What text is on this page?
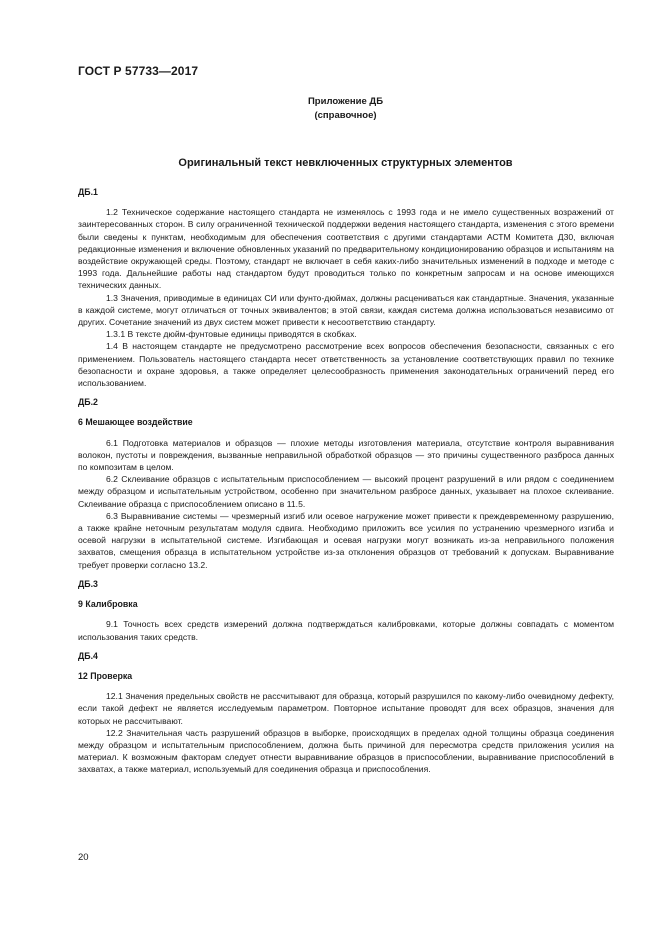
ГОСТ Р 57733—2017
Приложение ДБ
(справочное)
Оригинальный текст невключенных структурных элементов
ДБ.1

1.2 Техническое содержание настоящего стандарта не изменялось с 1993 года и не имело существенных возражений от заинтересованных сторон. В силу ограниченной технической поддержки ведения настоящего стандарта, изменения с этого времени были сведены к пунктам, необходимым для обеспечения соответствия с другими стандартами АСТМ Комитета Д30, включая редакционные изменения и включение обновленных указаний по предварительному кондиционированию образцов и испытаниям на воздействие окружающей среды. Поэтому, стандарт не включает в себя каких-либо значительных изменений в подходе и методе с 1993 года. Дальнейшие работы над стандартом будут проводиться только по конкретным запросам и на основе имеющихся технических данных.

1.3 Значения, приводимые в единицах СИ или фунто-дюймах, должны расцениваться как стандартные. Значения, указанные в каждой системе, могут отличаться от точных эквивалентов; в этой связи, каждая система должна использоваться независимо от других. Сочетание значений из двух систем может привести к несоответствию стандарту.

1.3.1 В тексте дюйм-фунтовые единицы приводятся в скобках.

1.4 В настоящем стандарте не предусмотрено рассмотрение всех вопросов обеспечения безопасности, связанных с его применением. Пользователь настоящего стандарта несет ответственность за установление соответствующих правил по технике безопасности и охране здоровья, а также определяет целесообразность применения законодательных ограничений перед его использованием.

ДБ.2
6 Мешающее воздействие

6.1 Подготовка материалов и образцов — плохие методы изготовления материала, отсутствие контроля выравнивания волокон, пустоты и повреждения, вызванные неправильной обработкой образцов — это причины существенного разброса данных по композитам в целом.

6.2 Склеивание образцов с испытательным приспособлением — высокий процент разрушений в или рядом с соединением между образцом и испытательным устройством, особенно при значительном разбросе данных, указывает на плохое склеивание. Склеивание образца с приспособлением описано в 11.5.

6.3 Выравнивание системы — чрезмерный изгиб или осевое нагружение может привести к преждевременному разрушению, а также крайне неточным результатам модуля сдвига. Необходимо приложить все усилия по устранению чрезмерного изгиба и осевой нагрузки в испытательной системе. Изгибающая и осевая нагрузки могут возникать из-за неправильного положения захватов, смещения образца в испытательном устройстве из-за отклонения образцов от требований к допускам. Выравнивание требует проверки согласно 13.2.

ДБ.3
9 Калибровка

9.1 Точность всех средств измерений должна подтверждаться калибровками, которые должны совпадать с моментом использования таких средств.

ДБ.4
12 Проверка

12.1 Значения предельных свойств не рассчитывают для образца, который разрушился по какому-либо очевидному дефекту, если такой дефект не является исследуемым параметром. Повторное испытание проводят для всех образцов, значения для которых не рассчитывают.

12.2 Значительная часть разрушений образцов в выборке, происходящих в пределах одной толщины образца соединения между образцом и испытательным приспособлением, должна быть причиной для пересмотра средств приложения усилия на материал. К возможным факторам следует отнести выравнивание образцов в приспособлении, выравнивание приспособлений в захватах, а также материал, используемый для соединения образца и приспособления.

20
